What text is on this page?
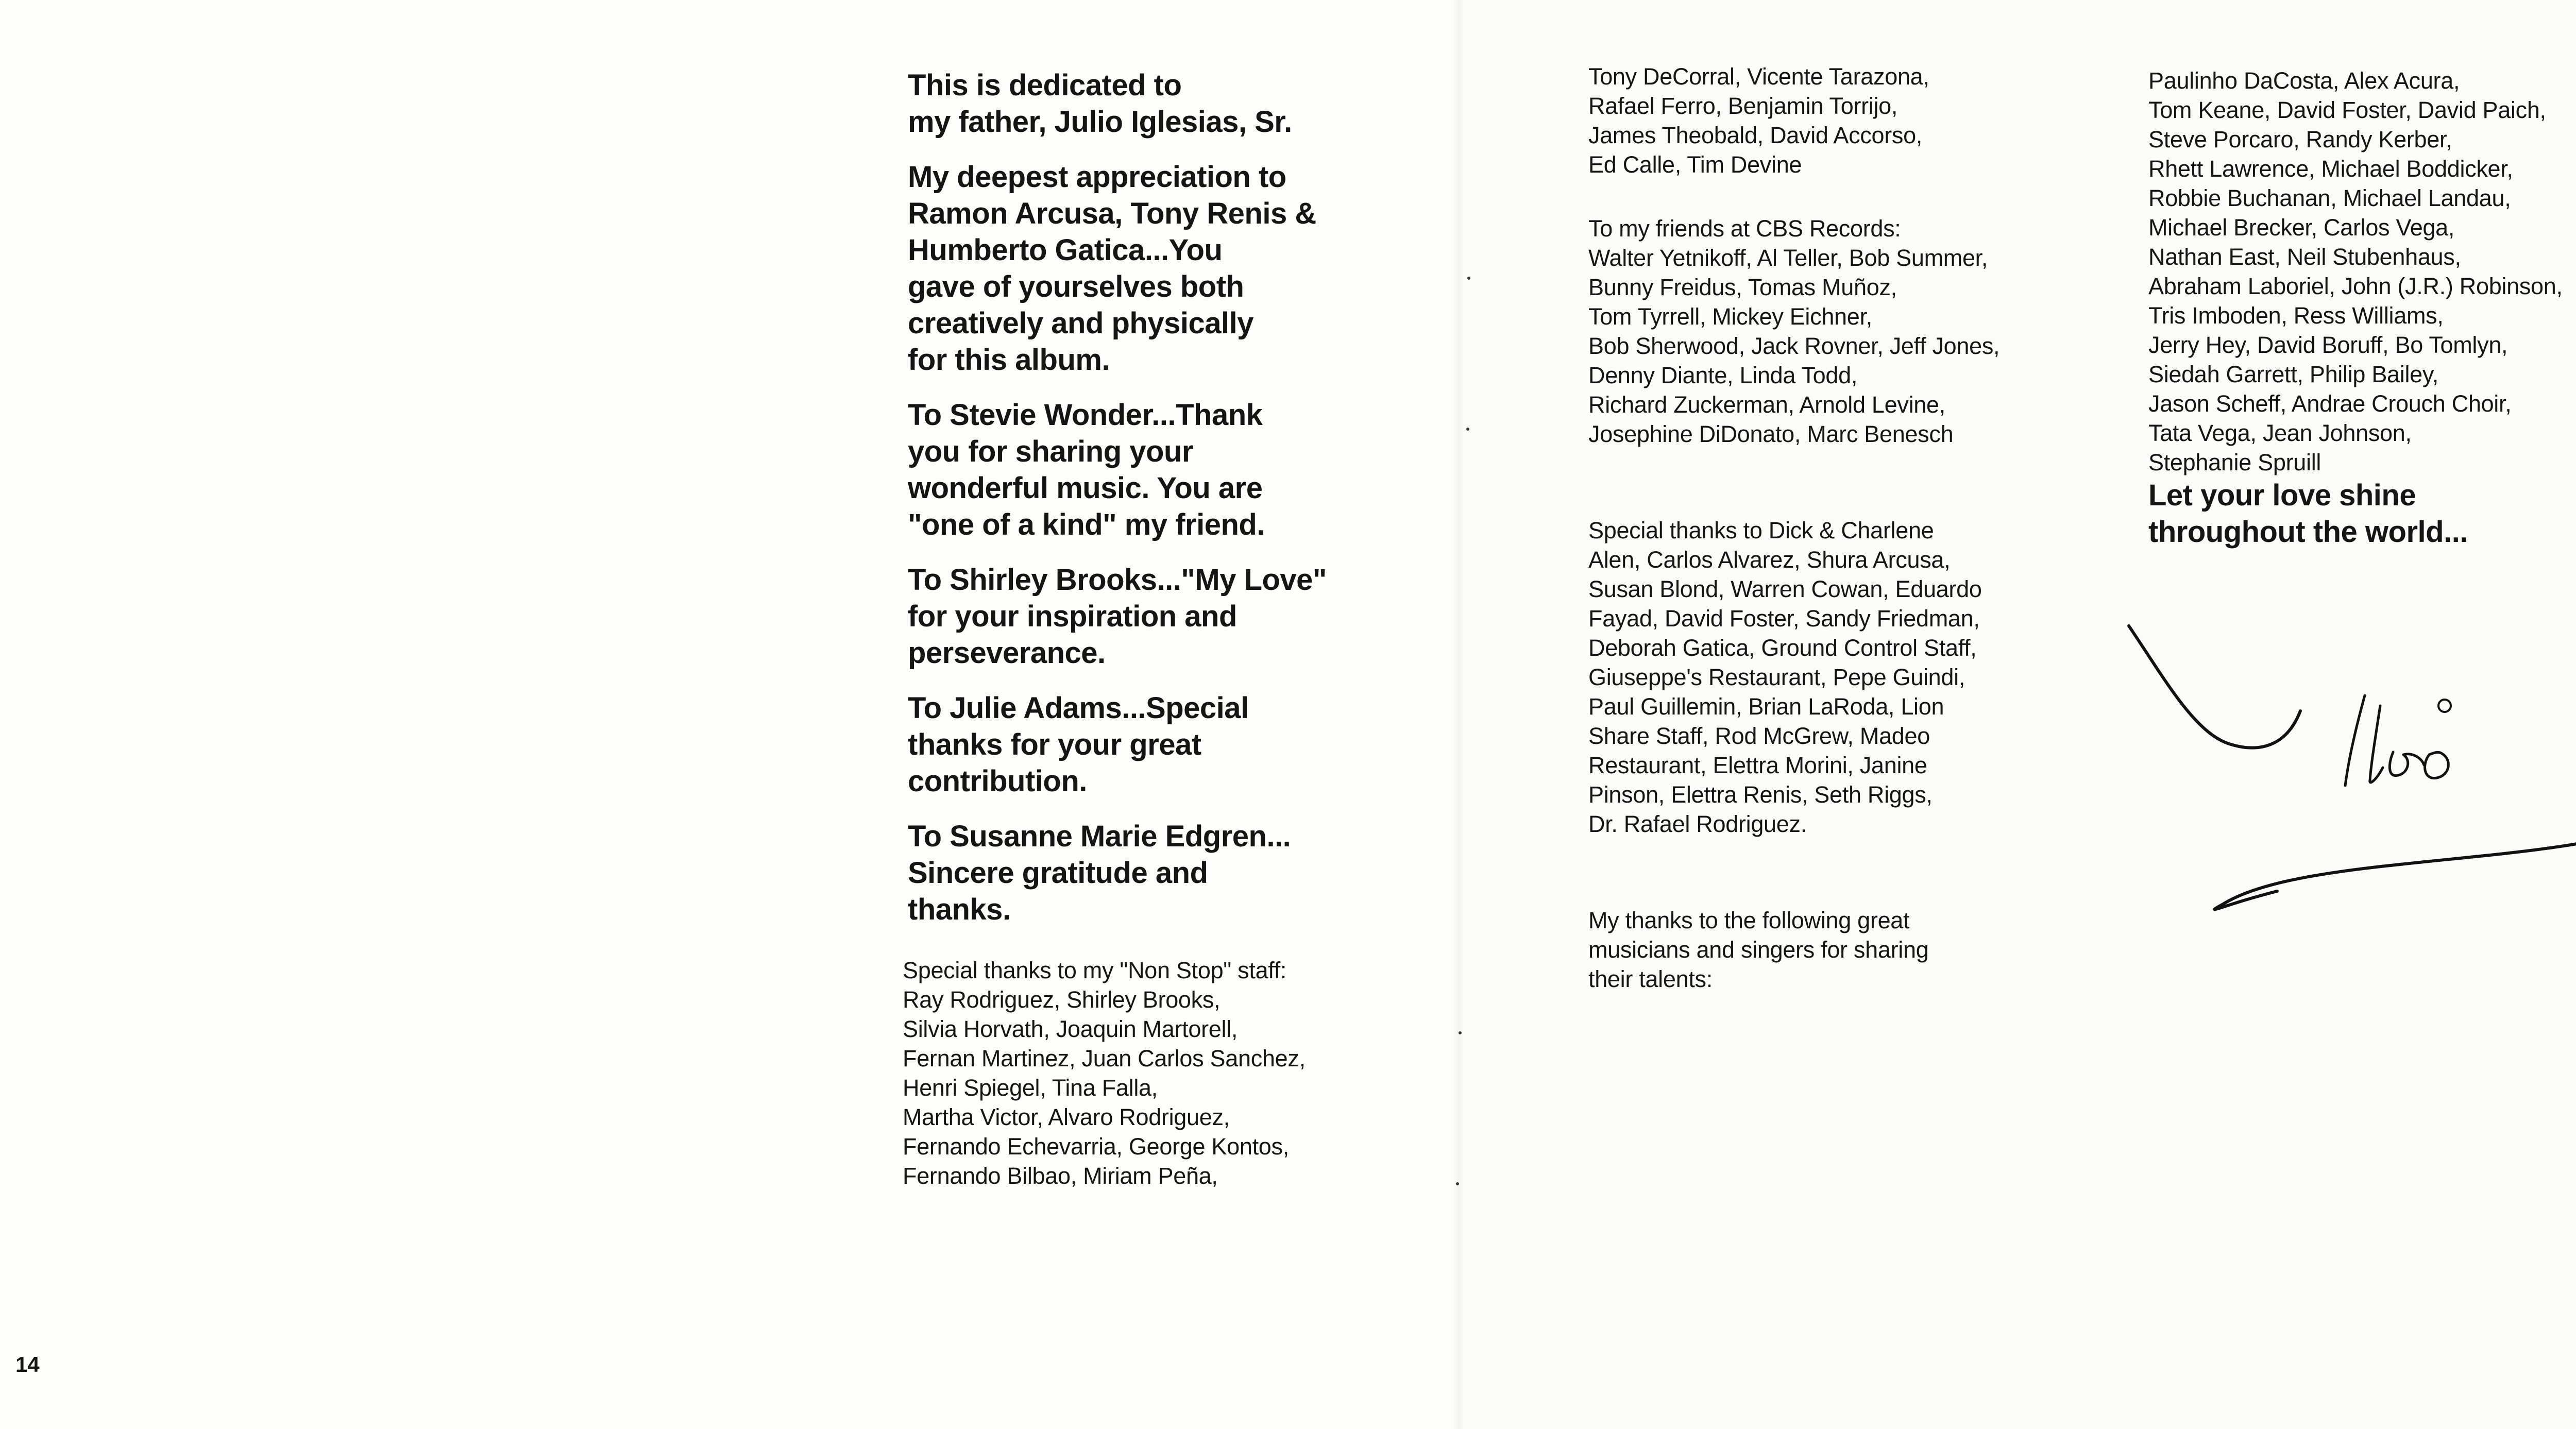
This is dedicated to
my father, Julio Iglesias, Sr.

My deepest appreciation to
Ramon Arcusa, Tony Renis &
Humberto Gatica...You
gave of yourselves both
creatively and physically
for this album.

To Stevie Wonder...Thank
you for sharing your
wonderful music. You are
"one of a kind" my friend.

To Shirley Brooks..."My Love"
for your inspiration and
perseverance.

To Julie Adams...Special
thanks for your great
contribution.

To Susanne Marie Edgren...
Sincere gratitude and
thanks.

Special thanks to my "Non Stop" staff:
Ray Rodriguez, Shirley Brooks,
Silvia Horvath, Joaquin Martorell,
Fernan Martinez, Juan Carlos Sanchez,
Henri Spiegel, Tina Falla,
Martha Victor, Alvaro Rodriguez,
Fernando Echevarria, George Kontos,
Fernando Bilbao, Miriam Peña,

Tony DeCorral, Vicente Tarazona,
Rafael Ferro, Benjamin Torrijo,
James Theobald, David Accorso,
Ed Calle, Tim Devine

To my friends at CBS Records:
Walter Yetnikoff, Al Teller, Bob Summer,
Bunny Freidus, Tomas Muñoz,
Tom Tyrrell, Mickey Eichner,
Bob Sherwood, Jack Rovner, Jeff Jones,
Denny Diante, Linda Todd,
Richard Zuckerman, Arnold Levine,
Josephine DiDonato, Marc Benesch

Special thanks to Dick & Charlene
Alen, Carlos Alvarez, Shura Arcusa,
Susan Blond, Warren Cowan, Eduardo
Fayad, David Foster, Sandy Friedman,
Deborah Gatica, Ground Control Staff,
Giuseppe's Restaurant, Pepe Guindi,
Paul Guillemin, Brian LaRoda, Lion
Share Staff, Rod McGrew, Madeo
Restaurant, Elettra Morini, Janine
Pinson, Elettra Renis, Seth Riggs,
Dr. Rafael Rodriguez.

My thanks to the following great
musicians and singers for sharing
their talents:

Paulinho DaCosta, Alex Acura,
Tom Keane, David Foster, David Paich,
Steve Porcaro, Randy Kerber,
Rhett Lawrence, Michael Boddicker,
Robbie Buchanan, Michael Landau,
Michael Brecker, Carlos Vega,
Nathan East, Neil Stubenhaus,
Abraham Laboriel, John (J.R.) Robinson,
Tris Imboden, Ress Williams,
Jerry Hey, David Boruff, Bo Tomlyn,
Siedah Garrett, Philip Bailey,
Jason Scheff, Andrae Crouch Choir,
Tata Vega, Jean Johnson,
Stephanie Spruill

Let your love shine
throughout the world...

14
